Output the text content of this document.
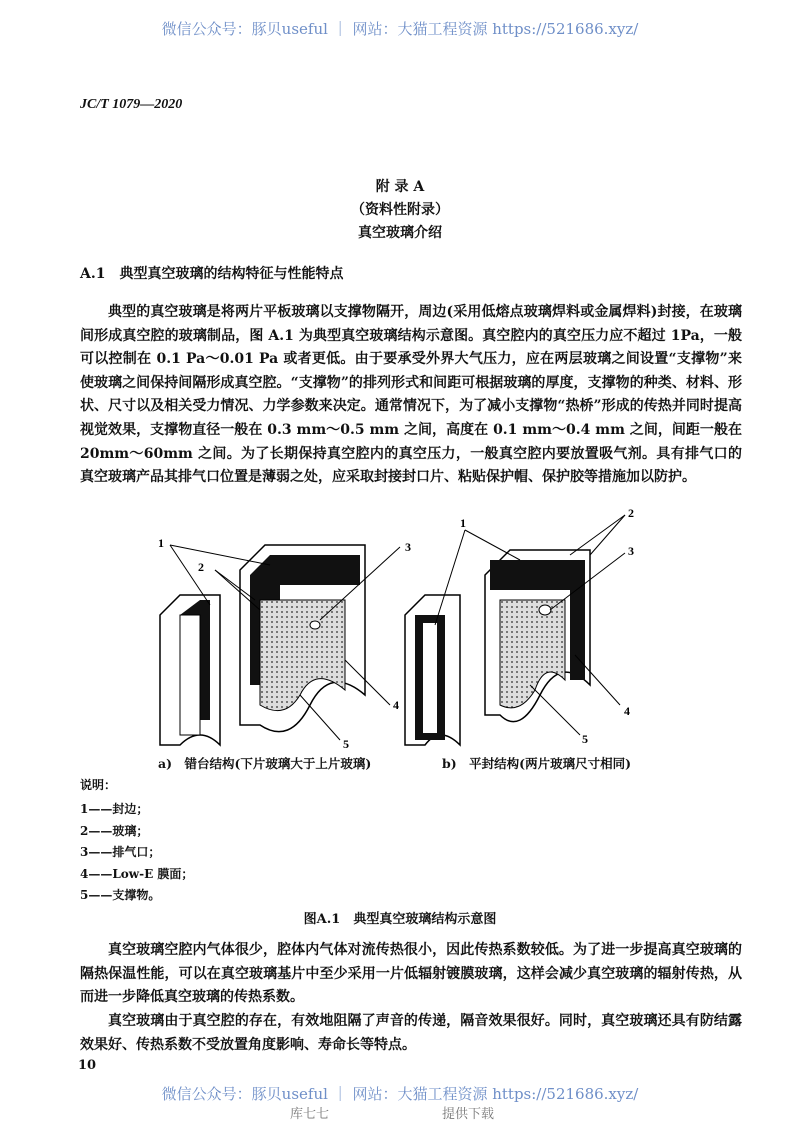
微信公众号：豚贝useful ｜ 网站：大猫工程资源 https://521686.xyz/
JC/T 1079—2020
附 录 A
（资料性附录）
真空玻璃介绍
A.1　典型真空玻璃的结构特征与性能特点
典型的真空玻璃是将两片平板玻璃以支撑物隔开，周边(采用低熔点玻璃焊料或金属焊料)封接，在玻璃间形成真空腔的玻璃制品，图 A.1 为典型真空玻璃结构示意图。真空腔内的真空压力应不超过 1Pa，一般可以控制在 0.1 Pa～0.01 Pa 或者更低。由于要承受外界大气压力，应在两层玻璃之间设置“支撑物”来使玻璃之间保持间隔形成真空腔。“支撑物”的排列形式和间距可根据玻璃的厚度，支撑物的种类、材料、形状、尺寸以及相关受力情况、力学参数来决定。通常情况下，为了减小支撑物“热桥”形成的传热并同时提高视觉效果，支撑物直径一般在 0.3 mm～0.5 mm 之间，高度在 0.1 mm～0.4 mm 之间，间距一般在 20mm～60mm 之间。为了长期保持真空腔内的真空压力，一般真空腔内要放置吸气剂。具有排气口的真空玻璃产品其排气口位置是薄弱之处，应采取封接封口片、粘贴保护帽、保护胶等措施加以防护。
1
2
3
4
5
1
2
3
4
5
a)　错台结构(下片玻璃大于上片玻璃)	b)　平封结构(两片玻璃尺寸相同)
说明：
1——封边；
2——玻璃；
3——排气口；
4——Low-E 膜面；
5——支撑物。
图A.1　典型真空玻璃结构示意图
真空玻璃空腔内气体很少，腔体内气体对流传热很小，因此传热系数较低。为了进一步提高真空玻璃的隔热保温性能，可以在真空玻璃基片中至少采用一片低辐射镀膜玻璃，这样会减少真空玻璃的辐射传热，从而进一步降低真空玻璃的传热系数。
真空玻璃由于真空腔的存在，有效地阻隔了声音的传递，隔音效果很好。同时，真空玻璃还具有防结露效果好、传热系数不受放置角度影响、寿命长等特点。
10
微信公众号：豚贝useful ｜ 网站：大猫工程资源 https://521686.xyz/
库七七	提供下载
